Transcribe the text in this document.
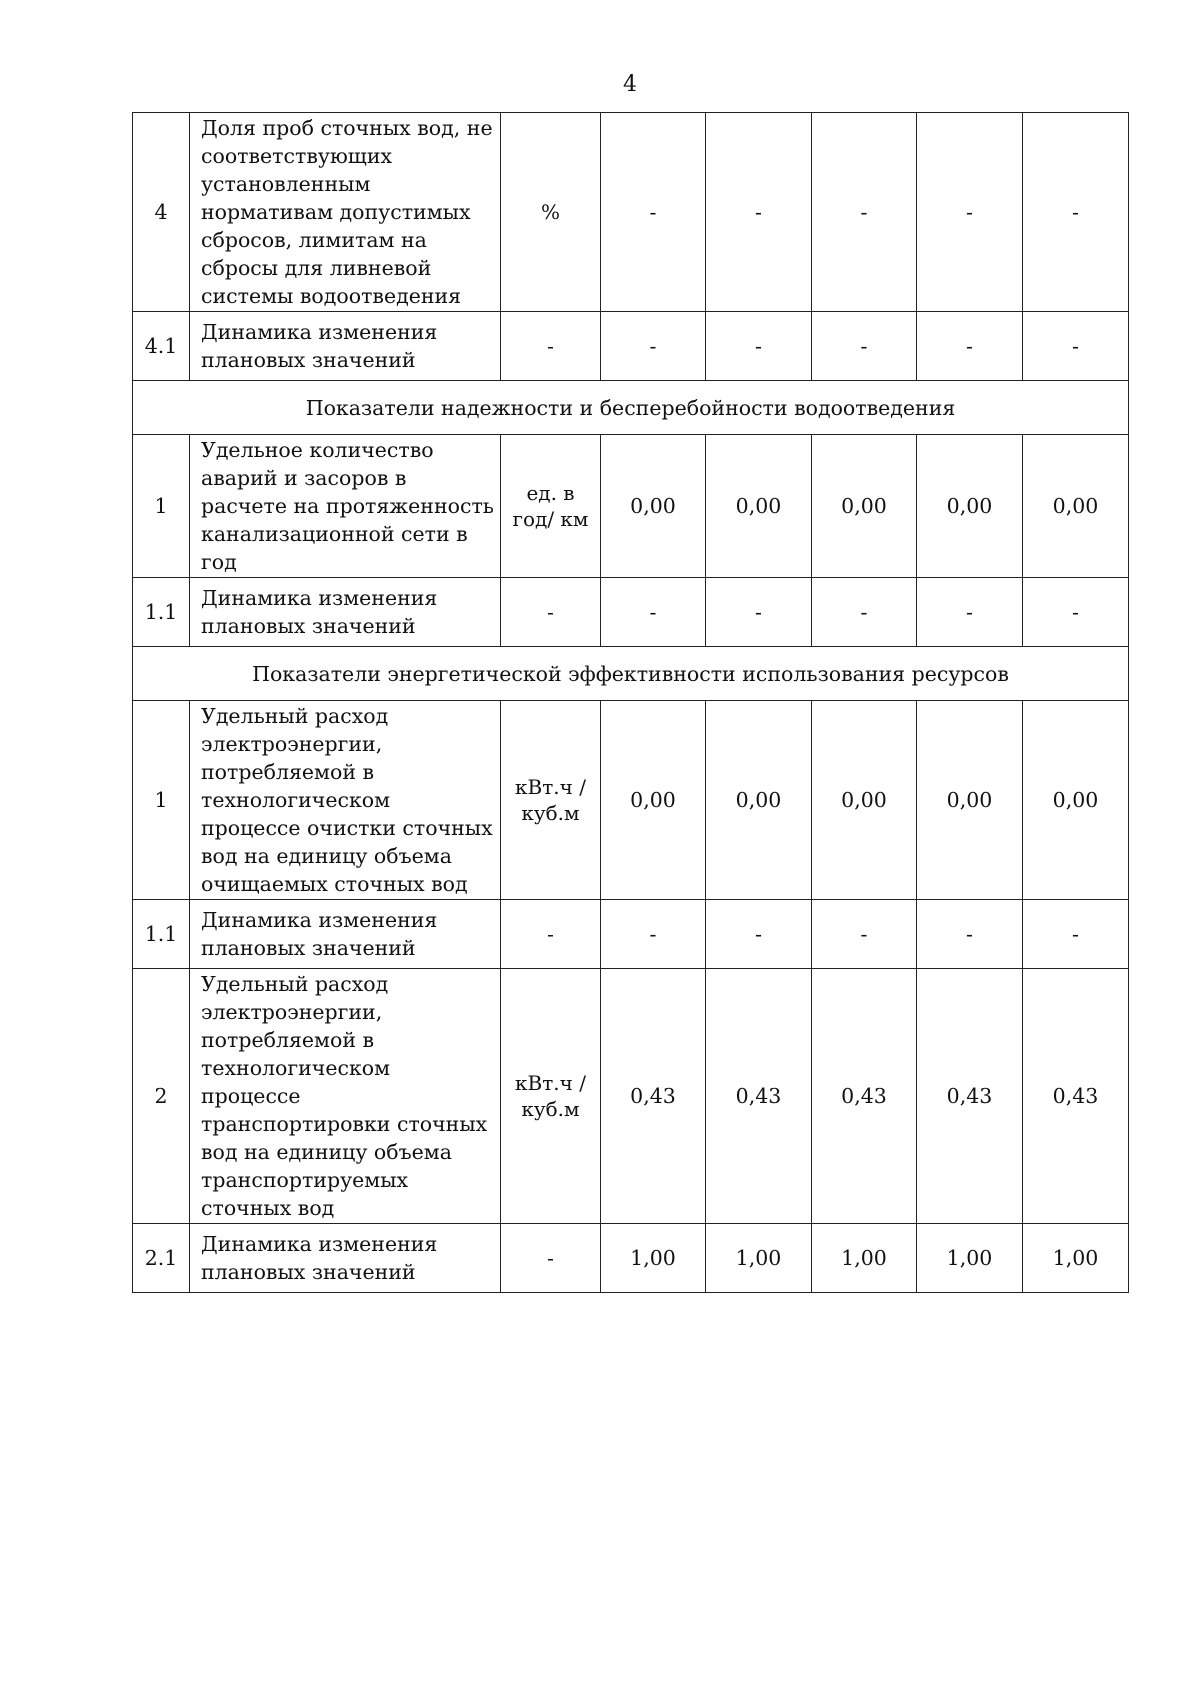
4
4	Доля проб сточных вод, не соответствующих установленным нормативам допустимых сбросов, лимитам на сбросы для ливневой системы водоотведения	%	-	-	-	-	-
4.1	Динамика изменения плановых значений	-	-	-	-	-	-
Показатели надежности и бесперебойности водоотведения							
1	Удельное количество аварий и засоров в расчете на протяженность канализационной сети в год	ед. в год/ км	0,00	0,00	0,00	0,00	0,00
1.1	Динамика изменения плановых значений	-	-	-	-	-	-
Показатели энергетической эффективности использования ресурсов							
1	Удельный расход электроэнергии, потребляемой в технологическом процессе очистки сточных вод на единицу объема очищаемых сточных вод	кВт.ч / куб.м	0,00	0,00	0,00	0,00	0,00
1.1	Динамика изменения плановых значений	-	-	-	-	-	-
2	Удельный расход электроэнергии, потребляемой в технологическом процессе транспортировки сточных вод на единицу объема транспортируемых сточных вод	кВт.ч / куб.м	0,43	0,43	0,43	0,43	0,43
2.1	Динамика изменения плановых значений	-	1,00	1,00	1,00	1,00	1,00
